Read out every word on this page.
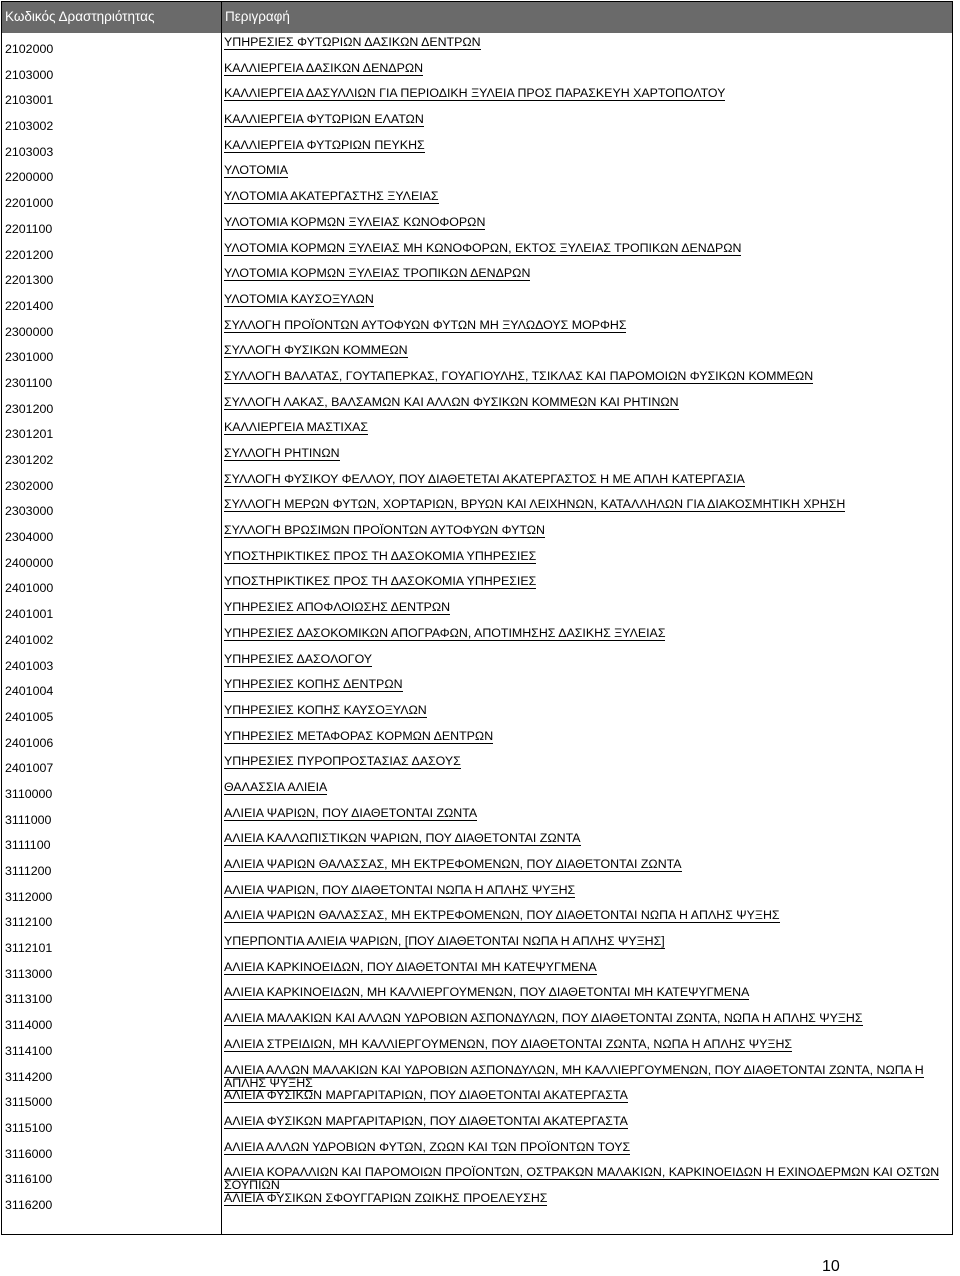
Κωδικός Δραστηριότητας	Περιγραφή
2102000	ΥΠΗΡΕΣΙΕΣ ΦΥΤΩΡΙΩΝ ΔΑΣΙΚΩΝ ΔΕΝΤΡΩΝ
2103000	ΚΑΛΛΙΕΡΓΕΙΑ ΔΑΣΙΚΩΝ ΔΕΝΔΡΩΝ
2103001	ΚΑΛΛΙΕΡΓΕΙΑ ΔΑΣΥΛΛΙΩΝ ΓΙΑ ΠΕΡΙΟΔΙΚΗ ΞΥΛΕΙΑ ΠΡΟΣ ΠΑΡΑΣΚΕΥΗ ΧΑΡΤΟΠΟΛΤΟΥ
2103002	ΚΑΛΛΙΕΡΓΕΙΑ ΦΥΤΩΡΙΩΝ ΕΛΑΤΩΝ
2103003	ΚΑΛΛΙΕΡΓΕΙΑ ΦΥΤΩΡΙΩΝ ΠΕΥΚΗΣ
2200000	ΥΛΟΤΟΜΙΑ
2201000	ΥΛΟΤΟΜΙΑ ΑΚΑΤΕΡΓΑΣΤΗΣ ΞΥΛΕΙΑΣ
2201100	ΥΛΟΤΟΜΙΑ ΚΟΡΜΩΝ ΞΥΛΕΙΑΣ ΚΩΝΟΦΟΡΩΝ
2201200	ΥΛΟΤΟΜΙΑ ΚΟΡΜΩΝ ΞΥΛΕΙΑΣ ΜΗ ΚΩΝΟΦΟΡΩΝ, ΕΚΤΟΣ ΞΥΛΕΙΑΣ ΤΡΟΠΙΚΩΝ ΔΕΝΔΡΩΝ
2201300	ΥΛΟΤΟΜΙΑ ΚΟΡΜΩΝ ΞΥΛΕΙΑΣ ΤΡΟΠΙΚΩΝ ΔΕΝΔΡΩΝ
2201400	ΥΛΟΤΟΜΙΑ ΚΑΥΣΟΞΥΛΩΝ
2300000	ΣΥΛΛΟΓΗ ΠΡΟΪΟΝΤΩΝ ΑΥΤΟΦΥΩΝ ΦΥΤΩΝ ΜΗ ΞΥΛΩΔΟΥΣ ΜΟΡΦΗΣ
2301000	ΣΥΛΛΟΓΗ ΦΥΣΙΚΩΝ ΚΟΜΜΕΩΝ
2301100	ΣΥΛΛΟΓΗ ΒΑΛΑΤΑΣ, ΓΟΥΤΑΠΕΡΚΑΣ, ΓΟΥΑΓΙΟΥΛΗΣ, ΤΣΙΚΛΑΣ ΚΑΙ ΠΑΡΟΜΟΙΩΝ ΦΥΣΙΚΩΝ ΚΟΜΜΕΩΝ
2301200	ΣΥΛΛΟΓΗ ΛΑΚΑΣ, ΒΑΛΣΑΜΩΝ ΚΑΙ ΑΛΛΩΝ ΦΥΣΙΚΩΝ ΚΟΜΜΕΩΝ ΚΑΙ ΡΗΤΙΝΩΝ
2301201	ΚΑΛΛΙΕΡΓΕΙΑ ΜΑΣΤΙΧΑΣ
2301202	ΣΥΛΛΟΓΗ ΡΗΤΙΝΩΝ
2302000	ΣΥΛΛΟΓΗ ΦΥΣΙΚΟΥ ΦΕΛΛΟΥ, ΠΟΥ ΔΙΑΘΕΤΕΤΑΙ ΑΚΑΤΕΡΓΑΣΤΟΣ Η ΜΕ ΑΠΛΗ ΚΑΤΕΡΓΑΣΙΑ
2303000	ΣΥΛΛΟΓΗ ΜΕΡΩΝ ΦΥΤΩΝ, ΧΟΡΤΑΡΙΩΝ, ΒΡΥΩΝ ΚΑΙ ΛΕΙΧΗΝΩΝ, ΚΑΤΑΛΛΗΛΩΝ ΓΙΑ ΔΙΑΚΟΣΜΗΤΙΚΗ ΧΡΗΣΗ
2304000	ΣΥΛΛΟΓΗ ΒΡΩΣΙΜΩΝ ΠΡΟΪΟΝΤΩΝ ΑΥΤΟΦΥΩΝ ΦΥΤΩΝ
2400000	ΥΠΟΣΤΗΡΙΚΤΙΚΕΣ ΠΡΟΣ ΤΗ ΔΑΣΟΚΟΜΙΑ ΥΠΗΡΕΣΙΕΣ
2401000	ΥΠΟΣΤΗΡΙΚΤΙΚΕΣ ΠΡΟΣ ΤΗ ΔΑΣΟΚΟΜΙΑ ΥΠΗΡΕΣΙΕΣ
2401001	ΥΠΗΡΕΣΙΕΣ ΑΠΟΦΛΟΙΩΣΗΣ ΔΕΝΤΡΩΝ
2401002	ΥΠΗΡΕΣΙΕΣ ΔΑΣΟΚΟΜΙΚΩΝ ΑΠΟΓΡΑΦΩΝ, ΑΠΟΤΙΜΗΣΗΣ ΔΑΣΙΚΗΣ ΞΥΛΕΙΑΣ
2401003	ΥΠΗΡΕΣΙΕΣ ΔΑΣΟΛΟΓΟΥ
2401004	ΥΠΗΡΕΣΙΕΣ ΚΟΠΗΣ ΔΕΝΤΡΩΝ
2401005	ΥΠΗΡΕΣΙΕΣ ΚΟΠΗΣ ΚΑΥΣΟΞΥΛΩΝ
2401006	ΥΠΗΡΕΣΙΕΣ ΜΕΤΑΦΟΡΑΣ ΚΟΡΜΩΝ ΔΕΝΤΡΩΝ
2401007	ΥΠΗΡΕΣΙΕΣ ΠΥΡΟΠΡΟΣΤΑΣΙΑΣ ΔΑΣΟΥΣ
3110000	ΘΑΛΑΣΣΙΑ ΑΛΙΕΙΑ
3111000	ΑΛΙΕΙΑ ΨΑΡΙΩΝ, ΠΟΥ ΔΙΑΘΕΤΟΝΤΑΙ ΖΩΝΤΑ
3111100	ΑΛΙΕΙΑ ΚΑΛΛΩΠΙΣΤΙΚΩΝ ΨΑΡΙΩΝ, ΠΟΥ ΔΙΑΘΕΤΟΝΤΑΙ ΖΩΝΤΑ
3111200	ΑΛΙΕΙΑ ΨΑΡΙΩΝ ΘΑΛΑΣΣΑΣ, ΜΗ ΕΚΤΡΕΦΟΜΕΝΩΝ, ΠΟΥ ΔΙΑΘΕΤΟΝΤΑΙ ΖΩΝΤΑ
3112000	ΑΛΙΕΙΑ ΨΑΡΙΩΝ, ΠΟΥ ΔΙΑΘΕΤΟΝΤΑΙ ΝΩΠΑ Η ΑΠΛΗΣ ΨΥΞΗΣ
3112100	ΑΛΙΕΙΑ ΨΑΡΙΩΝ ΘΑΛΑΣΣΑΣ, ΜΗ ΕΚΤΡΕΦΟΜΕΝΩΝ, ΠΟΥ ΔΙΑΘΕΤΟΝΤΑΙ ΝΩΠΑ Η ΑΠΛΗΣ ΨΥΞΗΣ
3112101	ΥΠΕΡΠΟΝΤΙΑ ΑΛΙΕΙΑ ΨΑΡΙΩΝ, [ΠΟΥ ΔΙΑΘΕΤΟΝΤΑΙ ΝΩΠΑ Η ΑΠΛΗΣ ΨΥΞΗΣ]
3113000	ΑΛΙΕΙΑ ΚΑΡΚΙΝΟΕΙΔΩΝ, ΠΟΥ ΔΙΑΘΕΤΟΝΤΑΙ ΜΗ ΚΑΤΕΨΥΓΜΕΝΑ
3113100	ΑΛΙΕΙΑ ΚΑΡΚΙΝΟΕΙΔΩΝ, ΜΗ ΚΑΛΛΙΕΡΓΟΥΜΕΝΩΝ, ΠΟΥ ΔΙΑΘΕΤΟΝΤΑΙ ΜΗ ΚΑΤΕΨΥΓΜΕΝΑ
3114000	ΑΛΙΕΙΑ ΜΑΛΑΚΙΩΝ ΚΑΙ ΑΛΛΩΝ ΥΔΡΟΒΙΩΝ ΑΣΠΟΝΔΥΛΩΝ, ΠΟΥ ΔΙΑΘΕΤΟΝΤΑΙ ΖΩΝΤΑ, ΝΩΠΑ Η ΑΠΛΗΣ ΨΥΞΗΣ
3114100	ΑΛΙΕΙΑ ΣΤΡΕΙΔΙΩΝ, ΜΗ ΚΑΛΛΙΕΡΓΟΥΜΕΝΩΝ, ΠΟΥ ΔΙΑΘΕΤΟΝΤΑΙ ΖΩΝΤΑ, ΝΩΠΑ Η ΑΠΛΗΣ ΨΥΞΗΣ
3114200	ΑΛΙΕΙΑ ΑΛΛΩΝ ΜΑΛΑΚΙΩΝ ΚΑΙ ΥΔΡΟΒΙΩΝ ΑΣΠΟΝΔΥΛΩΝ, ΜΗ ΚΑΛΛΙΕΡΓΟΥΜΕΝΩΝ, ΠΟΥ ΔΙΑΘΕΤΟΝΤΑΙ ΖΩΝΤΑ, ΝΩΠΑ Η ΑΠΛΗΣ ΨΥΞΗΣ
3115000	ΑΛΙΕΙΑ ΦΥΣΙΚΩΝ ΜΑΡΓΑΡΙΤΑΡΙΩΝ, ΠΟΥ ΔΙΑΘΕΤΟΝΤΑΙ ΑΚΑΤΕΡΓΑΣΤΑ
3115100	ΑΛΙΕΙΑ ΦΥΣΙΚΩΝ ΜΑΡΓΑΡΙΤΑΡΙΩΝ, ΠΟΥ ΔΙΑΘΕΤΟΝΤΑΙ ΑΚΑΤΕΡΓΑΣΤΑ
3116000	ΑΛΙΕΙΑ ΑΛΛΩΝ ΥΔΡΟΒΙΩΝ ΦΥΤΩΝ, ΖΩΩΝ ΚΑΙ ΤΩΝ ΠΡΟΪΟΝΤΩΝ ΤΟΥΣ
3116100	ΑΛΙΕΙΑ ΚΟΡΑΛΛΙΩΝ ΚΑΙ ΠΑΡΟΜΟΙΩΝ ΠΡΟΪΟΝΤΩΝ, ΟΣΤΡΑΚΩΝ ΜΑΛΑΚΙΩΝ, ΚΑΡΚΙΝΟΕΙΔΩΝ Η ΕΧΙΝΟΔΕΡΜΩΝ ΚΑΙ ΟΣΤΩΝ ΣΟΥΠΙΩΝ
3116200	ΑΛΙΕΙΑ ΦΥΣΙΚΩΝ ΣΦΟΥΓΓΑΡΙΩΝ ΖΩΙΚΗΣ ΠΡΟΕΛΕΥΣΗΣ
10
